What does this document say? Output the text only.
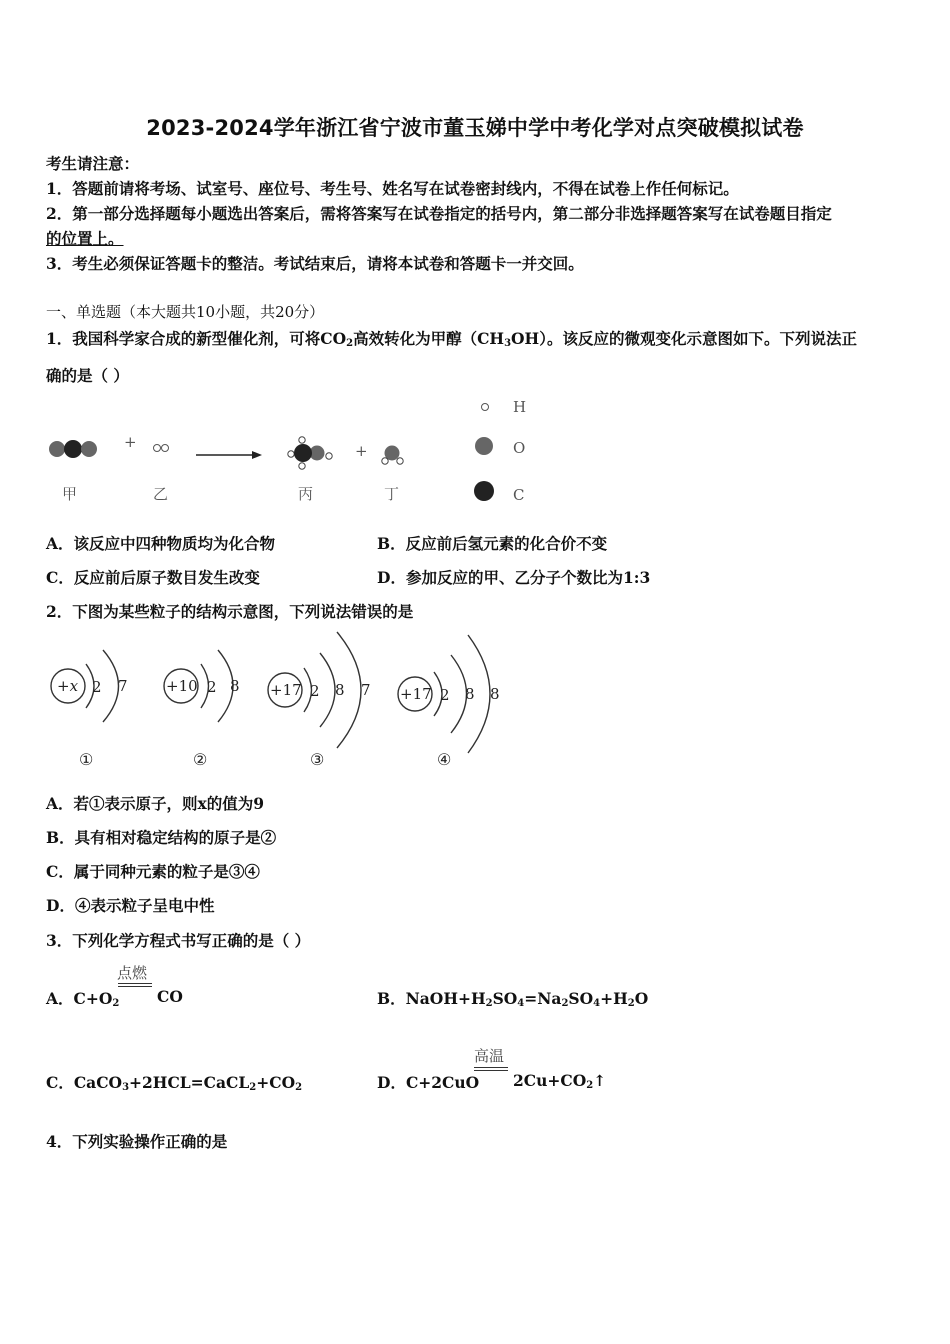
2023-2024学年浙江省宁波市董玉娣中学中考化学对点突破模拟试卷
考生请注意：
1．答题前请将考场、试室号、座位号、考生号、姓名写在试卷密封线内，不得在试卷上作任何标记。
2．第一部分选择题每小题选出答案后，需将答案写在试卷指定的括号内，第二部分非选择题答案写在试卷题目指定
的位置上。
3．考生必须保证答题卡的整洁。考试结束后，请将本试卷和答题卡一并交回。
一、单选题（本大题共10小题，共20分）
1．我国科学家合成的新型催化剂，可将$CO_2$高效转化为甲醇$(CH_3OH)$。该反应的微观变化示意图如下。下列说法正
确的是（ ）
+	+
甲	乙	丙	丁
H
O
C
A．该反应中四种物质均为化合物	B．反应前后氢元素的化合价不变
C．反应前后原子数目发生改变	D．参加反应的甲、乙分子个数比为1:3
2．下图为某些粒子的结构示意图，下列说法错误的是
+x 2 7
①
+10 2 8
②
+17 2 8 7
③
+17 2 8 8
④
A．若①表示原子，则x的值为9
B．具有相对稳定结构的原子是②
C．属于同种元素的粒子是③④
D．④表示粒子呈电中性
3．下列化学方程式书写正确的是（ ）
A．$C+O_2$
点燃
CO	B．$NaOH+H_2SO_4=Na_2SO_4+H_2O$
C．$CaCO_3+2HCL=CaCL_2+CO_2$	D．C+2CuO
高温
$2Cu+CO_2↑$
4．下列实验操作正确的是
